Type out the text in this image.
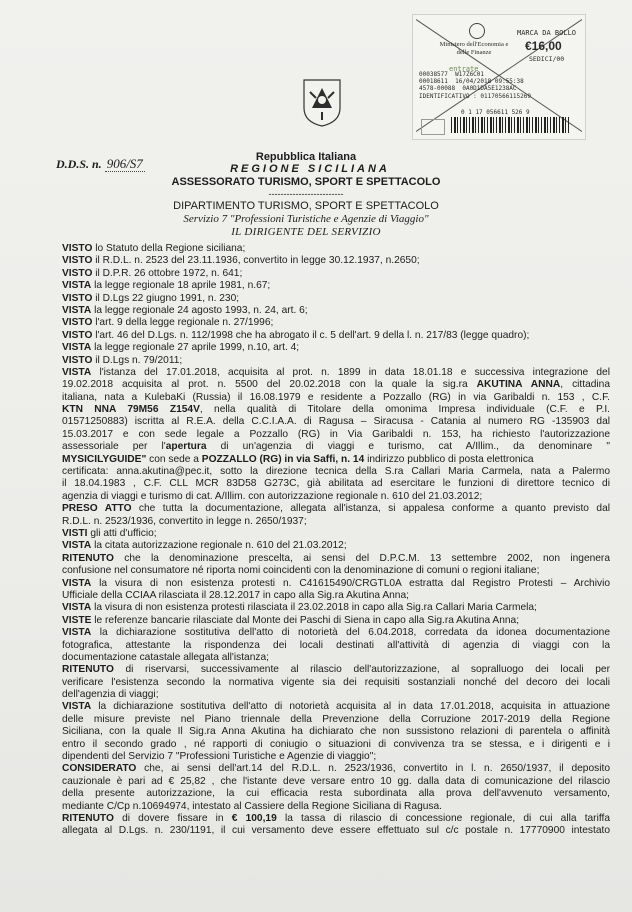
Ministero dell'Economia e delle Finanze
MARCA DA BOLLO
€16,00
SEDICI/00
entrate
00038577  W17Z6C01
00018611  16/04/2018 09:55:38
4578-00088  0A0D1DA5E1238AC
IDENTIFICATIVO : 01170566115269
0 1 17 056611 526 9
D.D.S. n. 906/S7	Repubblica Italiana
REGIONE SICILIANA
ASSESSORATO TURISMO, SPORT E SPETTACOLO
-------------------------
DIPARTIMENTO TURISMO, SPORT E SPETTACOLO
Servizio 7 "Professioni Turistiche e Agenzie di Viaggio"
IL DIRIGENTE DEL SERVIZIO
VISTO lo Statuto della Regione siciliana;
VISTO il R.D.L. n. 2523 del 23.11.1936, convertito in legge 30.12.1937, n.2650;
VISTO il D.P.R. 26 ottobre 1972, n. 641;
VISTA la legge regionale 18 aprile 1981, n.67;
VISTO il D.Lgs 22 giugno 1991, n. 230;
VISTA la legge regionale 24 agosto 1993, n. 24, art. 6;
VISTO l'art. 9 della legge regionale n. 27/1996;
VISTO l'art. 46 del D.Lgs. n. 112/1998 che ha abrogato il c. 5 dell'art. 9 della l. n. 217/83 (legge quadro);
VISTA la legge regionale 27 aprile 1999, n.10, art. 4;
VISTO il D.Lgs n. 79/2011;
VISTA l'istanza del 17.01.2018, acquisita al prot. n. 1899 in data 18.01.18 e successiva integrazione del
19.02.2018 acquisita al prot. n. 5500 del 20.02.2018 con la quale la sig.ra AKUTINA ANNA, cittadina
italiana, nata a KulebaKi (Russia) il 16.08.1979 e residente a Pozzallo (RG) in via Garibaldi n. 153 , C.F.
KTN NNA 79M56 Z154V, nella qualità di Titolare della omonima Impresa individuale (C.F. e P.I.
01571250883) iscritta al R.E.A. della C.C.I.A.A. di Ragusa – Siracusa - Catania al numero RG -135903 dal
15.03.2017 e con sede legale a Pozzallo (RG) in Via Garibaldi n. 153, ha richiesto l'autorizzazione
assessoriale per l'apertura di un'agenzia di viaggi e turismo, cat A/Illim., da denominare "
MYSICILYGUIDE" con sede a POZZALLO (RG) in via Saffi, n. 14 indirizzo pubblico di posta elettronica
certificata: anna.akutina@pec.it, sotto la direzione tecnica della S.ra Callari Maria Carmela, nata a Palermo
il 18.04.1983 , C.F. CLL MCR 83D58 G273C, già abilitata ad esercitare le funzioni di direttore tecnico di
agenzia di viaggi e turismo di cat. A/Illim. con autorizzazione regionale n. 610 del 21.03.2012;
PRESO ATTO che tutta la documentazione, allegata all'istanza, si appalesa conforme a quanto previsto dal
R.D.L. n. 2523/1936, convertito in legge n. 2650/1937;
VISTI gli atti d'ufficio;
VISTA la citata autorizzazione regionale n. 610 del 21.03.2012;
RITENUTO che la denominazione prescelta, ai sensi del D.P.C.M. 13 settembre 2002, non ingenera
confusione nel consumatore né riporta nomi coincidenti con la denominazione di comuni o regioni italiane;
VISTA la visura di non esistenza protesti n. C41615490/CRGTL0A estratta dal Registro Protesti – Archivio
Ufficiale della CCIAA rilasciata il 28.12.2017 in capo alla Sig.ra Akutina Anna;
VISTA la visura di non esistenza protesti rilasciata il 23.02.2018 in capo alla Sig.ra Callari Maria Carmela;
VISTE le referenze bancarie rilasciate dal Monte dei Paschi di Siena in capo alla Sig.ra Akutina Anna;
VISTA la dichiarazione sostitutiva dell'atto di notorietà del 6.04.2018, corredata da idonea documentazione
fotografica, attestante la rispondenza dei locali destinati all'attività di agenzia di viaggi con la
documentazione catastale allegata all'istanza;
RITENUTO di riservarsi, successivamente al rilascio dell'autorizzazione, al sopralluogo dei locali per
verificare l'esistenza secondo la normativa vigente sia dei requisiti sostanziali nonché del decoro dei locali
dell'agenzia di viaggi;
VISTA la dichiarazione sostitutiva dell'atto di notorietà acquisita al in data 17.01.2018, acquisita in attuazione
delle misure previste nel Piano triennale della Prevenzione della Corruzione 2017-2019 della Regione
Siciliana, con la quale Il Sig.ra Anna Akutina ha dichiarato che non sussistono relazioni di parentela o affinità
entro il secondo grado , né rapporti di coniugio o situazioni di convivenza tra se stessa, e i dirigenti e i
dipendenti del Servizio 7 "Professioni Turistiche e Agenzie di viaggio";
CONSIDERATO che, ai sensi dell'art.14 del R.D.L. n. 2523/1936, convertito in l. n. 2650/1937, il deposito
cauzionale è pari ad € 25,82 , che l'istante deve versare entro 10 gg. dalla data di comunicazione del rilascio
della presente autorizzazione, la cui efficacia resta subordinata alla prova dell'avvenuto versamento,
mediante C/Cp n.10694974, intestato al Cassiere della Regione Siciliana di Ragusa.
RITENUTO di dovere fissare in € 100,19 la tassa di rilascio di concessione regionale, di cui alla tariffa
allegata al D.Lgs. n. 230/1191, il cui versamento deve essere effettuato sul c/c postale n. 17770900 intestato
